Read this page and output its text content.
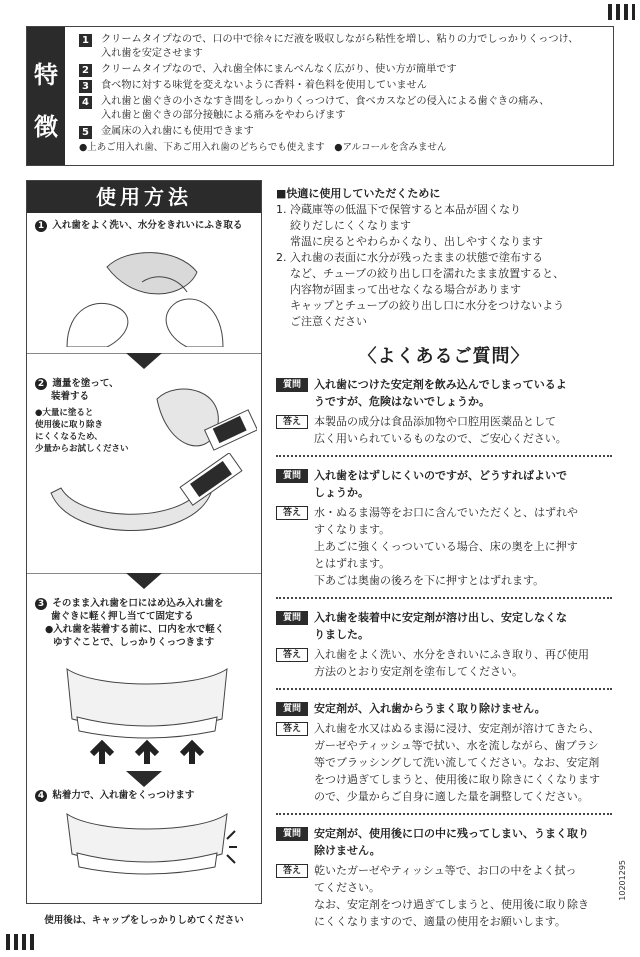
特
徴
1 クリームタイプなので、口の中で徐々にだ液を吸収しながら粘性を増し、粘りの力でしっかりくっつけ、
入れ歯を安定させます
2 クリームタイプなので、入れ歯全体にまんべんなく広がり、使い方が簡単です
3 食べ物に対する味覚を変えないように香料・着色料を使用していません
4 入れ歯と歯ぐきの小さなすき間をしっかりくっつけて、食べカスなどの侵入による歯ぐきの痛み、
入れ歯と歯ぐきの部分接触による痛みをやわらげます
5 金属床の入れ歯にも使用できます
●上あご用入れ歯、下あご用入れ歯のどちらでも使えます　●アルコールを含みません
使用方法
1 入れ歯をよく洗い、水分をきれいにふき取る
2 適量を塗って、
装着する
●大量に塗ると
使用後に取り除き
にくくなるため、
少量からお試しください
3 そのまま入れ歯を口にはめ込み入れ歯を
歯ぐきに軽く押し当てて固定する
●入れ歯を装着する前に、口内を水で軽く
ゆすぐことで、しっかりくっつきます
4 粘着力で、入れ歯をくっつけます
使用後は、キャップをしっかりしめてください
■快適に使用していただくために
1. 冷蔵庫等の低温下で保管すると本品が固くなり
絞りだしにくくなります
常温に戻るとやわらかくなり、出しやすくなります
2. 入れ歯の表面に水分が残ったままの状態で塗布する
など、チューブの絞り出し口を濡れたまま放置すると、
内容物が固まって出せなくなる場合があります
キャップとチューブの絞り出し口に水分をつけないよう
ご注意ください
〈よくあるご質問〉
質問	入れ歯につけた安定剤を飲み込んでしまっているよ
うですが、危険はないでしょうか。
答え	本製品の成分は食品添加物や口腔用医薬品として
広く用いられているものなので、ご安心ください。
質問	入れ歯をはずしにくいのですが、どうすればよいで
しょうか。
答え	水・ぬるま湯等をお口に含んでいただくと、はずれや
すくなります。
上あごに強くくっついている場合、床の奥を上に押す
とはずれます。
下あごは奥歯の後ろを下に押すとはずれます。
質問	入れ歯を装着中に安定剤が溶け出し、安定しなくな
りました。
答え	入れ歯をよく洗い、水分をきれいにふき取り、再び使用
方法のとおり安定剤を塗布してください。
質問	安定剤が、入れ歯からうまく取り除けません。
答え	入れ歯を水又はぬるま湯に浸け、安定剤が溶けてきたら、
ガーゼやティッシュ等で拭い、水を流しながら、歯ブラシ
等でブラッシングして洗い流してください。なお、安定剤
をつけ過ぎてしまうと、使用後に取り除きにくくなります
ので、少量からご自身に適した量を調整してください。
質問	安定剤が、使用後に口の中に残ってしまい、うまく取り
除けません。
答え	乾いたガーゼやティッシュ等で、お口の中をよく拭っ
てください。
なお、安定剤をつけ過ぎてしまうと、使用後に取り除き
にくくなりますので、適量の使用をお願いします。
10201295
